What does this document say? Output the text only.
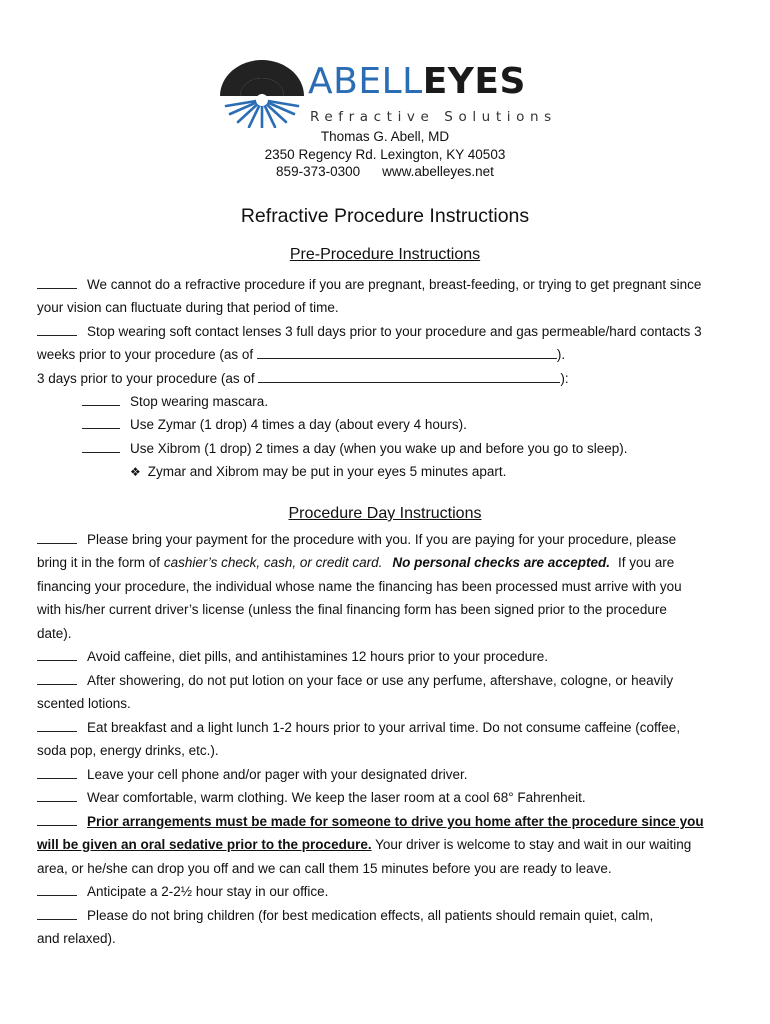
ABELLEYES
Refractive Solutions
Thomas G. Abell, MD
2350 Regency Rd. Lexington, KY 40503
859-373-0300 www.abelleyes.net
Refractive Procedure Instructions
Pre-Procedure Instructions
We cannot do a refractive procedure if you are pregnant, breast-feeding, or trying to get pregnant since
your vision can fluctuate during that period of time.
Stop wearing soft contact lenses 3 full days prior to your procedure and gas permeable/hard contacts 3
weeks prior to your procedure (as of	).
3 days prior to your procedure (as of	):
Stop wearing mascara.
Use Zymar (1 drop) 4 times a day (about every 4 hours).
Use Xibrom (1 drop) 2 times a day (when you wake up and before you go to sleep).
❖ Zymar and Xibrom may be put in your eyes 5 minutes apart.
Procedure Day Instructions
Please bring your payment for the procedure with you. If you are paying for your procedure, please
bring it in the form of cashier’s check, cash, or credit card. No personal checks are accepted. If you are
financing your procedure, the individual whose name the financing has been processed must arrive with you
with his/her current driver’s license (unless the final financing form has been signed prior to the procedure
date).
Avoid caffeine, diet pills, and antihistamines 12 hours prior to your procedure.
After showering, do not put lotion on your face or use any perfume, aftershave, cologne, or heavily
scented lotions.
Eat breakfast and a light lunch 1-2 hours prior to your arrival time. Do not consume caffeine (coffee,
soda pop, energy drinks, etc.).
Leave your cell phone and/or pager with your designated driver.
Wear comfortable, warm clothing. We keep the laser room at a cool 68° Fahrenheit.
Prior arrangements must be made for someone to drive you home after the procedure since you
will be given an oral sedative prior to the procedure. Your driver is welcome to stay and wait in our waiting
area, or he/she can drop you off and we can call them 15 minutes before you are ready to leave.
Anticipate a 2-2½ hour stay in our office.
Please do not bring children (for best medication effects, all patients should remain quiet, calm,
and relaxed).
